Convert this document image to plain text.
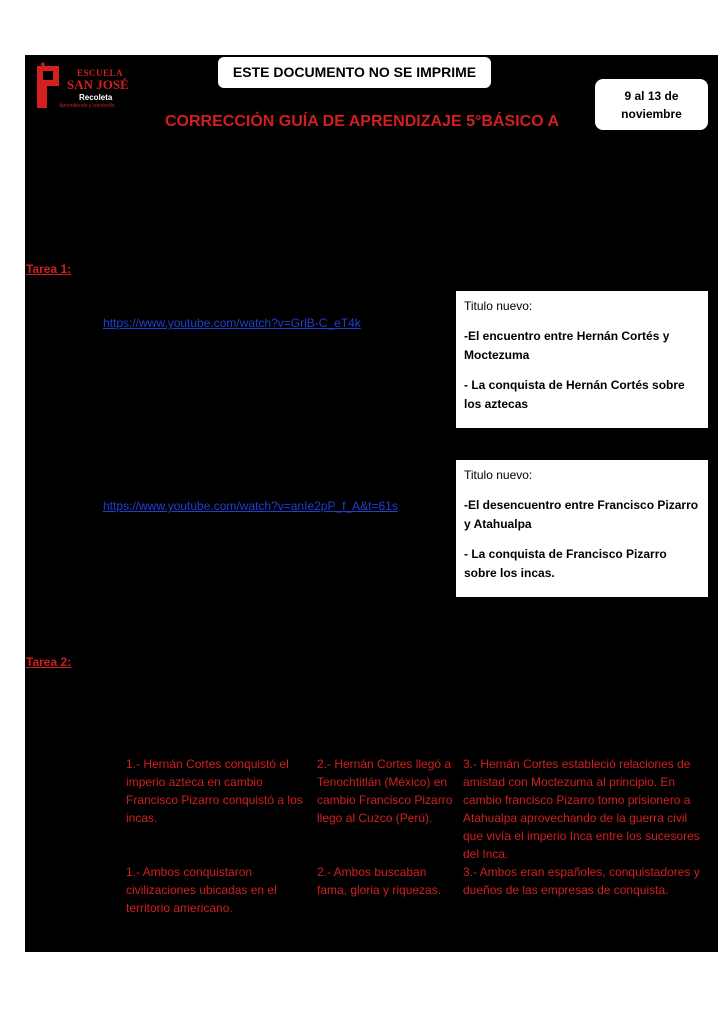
ESCUELA
SAN JOSÉ
Recoleta
Aprendiendo y creciendo.
ESTE DOCUMENTO NO SE IMPRIME
9 al 13 de noviembre
CORRECCIÓN GUÍA DE APRENDIZAJE 5°BÁSICO A
Tarea 1:
https://www.youtube.com/watch?v=GrlB-C_eT4k
Titulo nuevo:
-El encuentro entre Hernán Cortés y Moctezuma
- La conquista de Hernán Cortés sobre los aztecas
https://www.youtube.com/watch?v=anIe2pP_f_A&t=61s
Titulo nuevo:
-El desencuentro entre Francisco Pizarro y Atahualpa
- La conquista de Francisco Pizarro sobre los incas.
Tarea 2:
1.- Hernán Cortes conquistó el imperio azteca en cambio Francisco Pizarro conquistó a los incas.
2.- Hernán Cortes llegó a Tenochtitlán (México) en cambio Francisco Pizarro llego al Cuzco (Perú).
3.- Hernán Cortes estableció relaciones de amistad con Moctezuma al principio. En cambio francisco Pizarro tomo prisionero a Atahualpa aprovechando de la guerra civil que vivía el imperio Inca entre los sucesores del Inca.
1.- Ambos conquistaron civilizaciones ubicadas en el territorio americano.
2.- Ambos buscaban fama, gloria y riquezas.
3.- Ambos eran españoles, conquistadores y dueños de las empresas de conquista.
